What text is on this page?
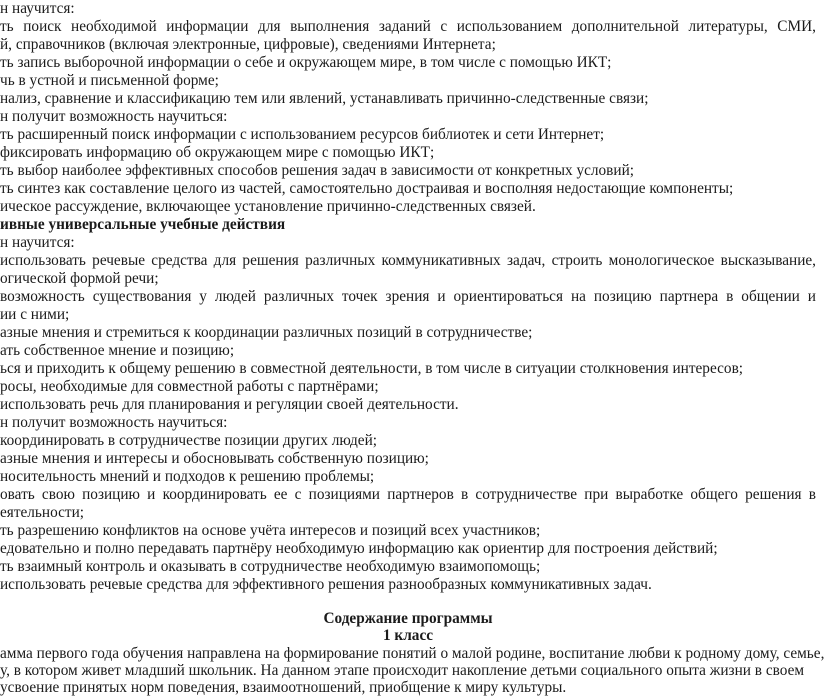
н научится:

ть поиск необходимой информации для выполнения заданий с использованием дополнительной литературы, СМИ,

й, справочников (включая электронные, цифровые), сведениями Интернета;

ть запись выборочной информации о себе и окружающем мире, в том числе с помощью ИКТ;

чь в устной и письменной форме;

нализ, сравнение и классификацию тем или явлений, устанавливать причинно-следственные связи;

н получит возможность научиться:

ть расширенный поиск информации с использованием ресурсов библиотек и сети Интернет;

фиксировать информацию об окружающем мире с помощью ИКТ;

ть выбор наиболее эффективных способов решения задач в зависимости от конкретных условий;

ть синтез как составление целого из частей, самостоятельно достраивая и восполняя недостающие компоненты;

ическое рассуждение, включающее установление причинно-следственных связей.

ивные универсальные учебные действия

н научится:

использовать речевые средства для решения различных коммуникативных задач, строить монологическое высказывание,

огической формой речи;

возможность существования у людей различных точек зрения и ориентироваться на позицию партнера в общении и

ии с ними;

азные мнения и стремиться к координации различных позиций в сотрудничестве;

ать собственное мнение и позицию;

ься и приходить к общему решению в совместной деятельности, в том числе в ситуации столкновения интересов;

росы, необходимые для совместной работы с партнёрами;

использовать речь для планирования и регуляции своей деятельности.

н получит возможность научиться:

координировать в сотрудничестве позиции других людей;

азные мнения и интересы и обосновывать собственную позицию;

носительность мнений и подходов к решению проблемы;

овать свою позицию и координировать ее с позициями партнеров в сотрудничестве при выработке общего решения в

еятельности;

ть разрешению конфликтов на основе учёта интересов и позиций всех участников;

едовательно и полно передавать партнёру необходимую информацию как ориентир для построения действий;

ть взаимный контроль и оказывать в сотрудничестве необходимую взаимопомощь;

использовать речевые средства для эффективного решения разнообразных коммуникативных задач.

Содержание программы

1 класс

амма первого года обучения направлена на формирование понятий о малой родине, воспитание любви к родному дому, семье,

у, в котором живет младший школьник. На данном этапе происходит накопление детьми социального опыта жизни в своем

усвоение принятых норм поведения, взаимоотношений, приобщение к миру культуры.
